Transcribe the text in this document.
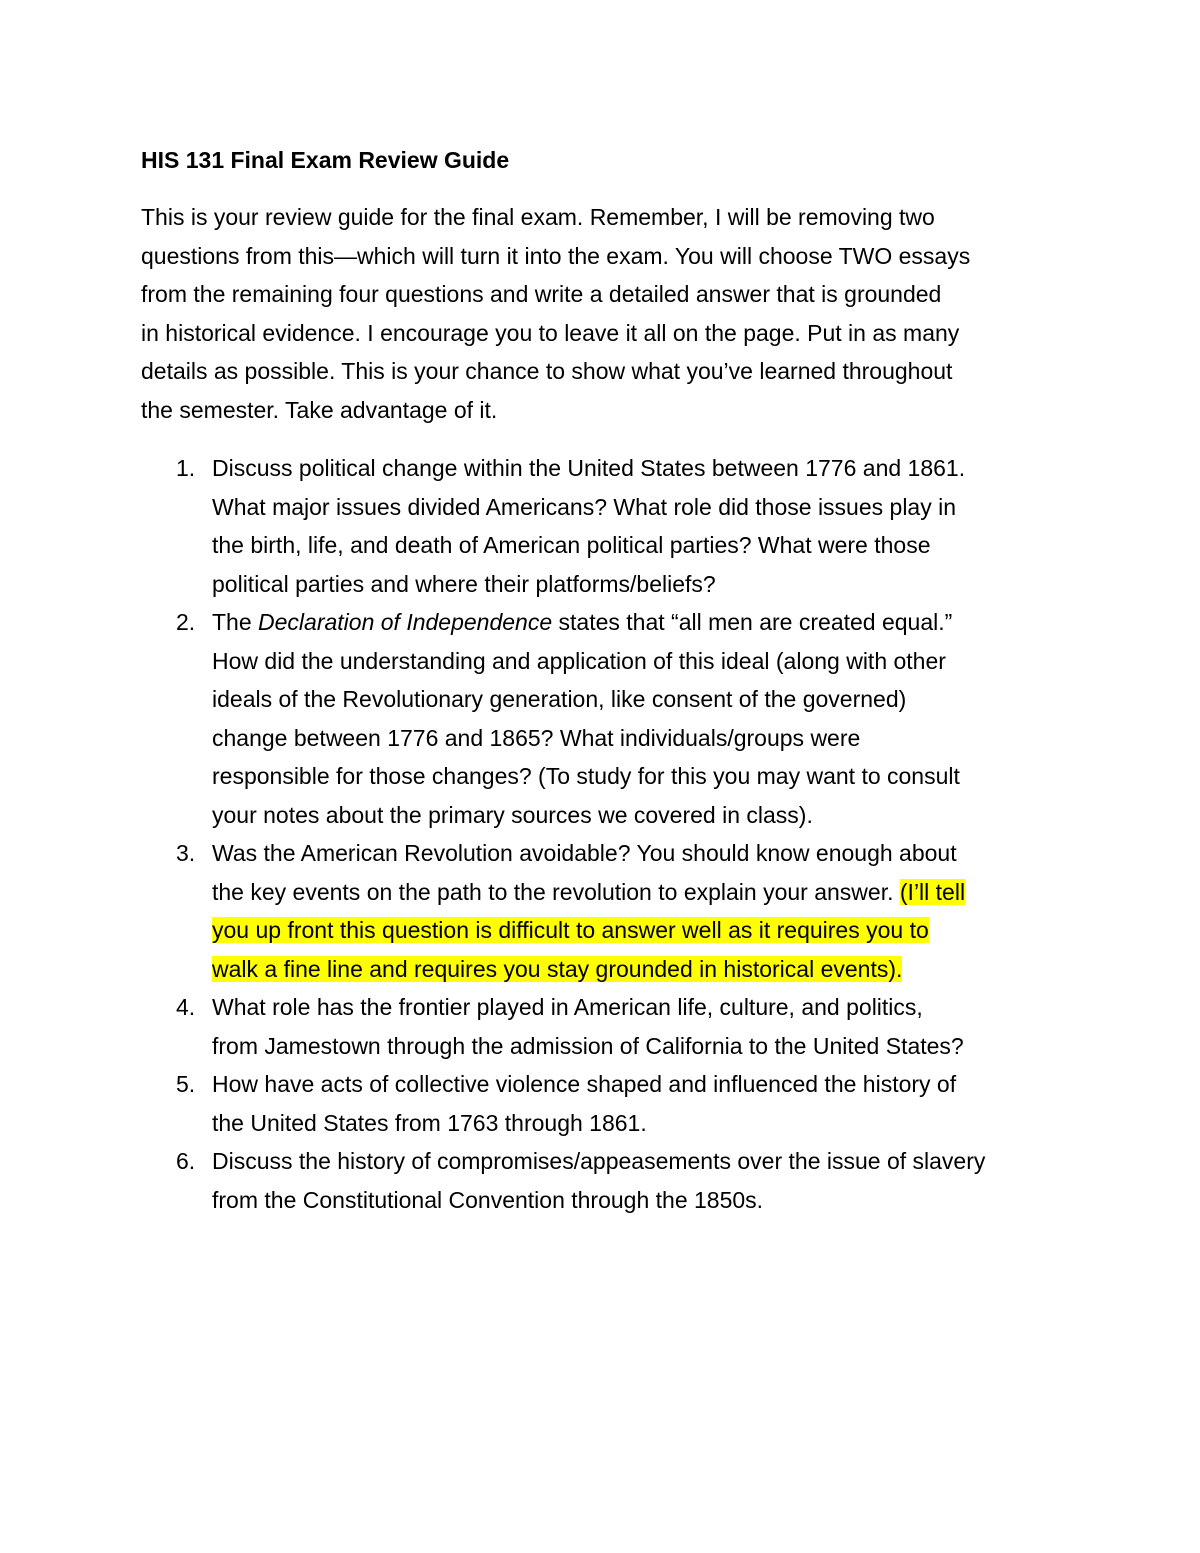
HIS 131 Final Exam Review Guide

This is your review guide for the final exam. Remember, I will be removing two
questions from this—which will turn it into the exam. You will choose TWO essays
from the remaining four questions and write a detailed answer that is grounded
in historical evidence. I encourage you to leave it all on the page. Put in as many
details as possible. This is your chance to show what you’ve learned throughout
the semester. Take advantage of it.

1. Discuss political change within the United States between 1776 and 1861.
What major issues divided Americans? What role did those issues play in
the birth, life, and death of American political parties? What were those
political parties and where their platforms/beliefs?
2. The Declaration of Independence states that “all men are created equal.”
How did the understanding and application of this ideal (along with other
ideals of the Revolutionary generation, like consent of the governed)
change between 1776 and 1865? What individuals/groups were
responsible for those changes? (To study for this you may want to consult
your notes about the primary sources we covered in class).
3. Was the American Revolution avoidable? You should know enough about
the key events on the path to the revolution to explain your answer. (I’ll tell
you up front this question is difficult to answer well as it requires you to
walk a fine line and requires you stay grounded in historical events).
4. What role has the frontier played in American life, culture, and politics,
from Jamestown through the admission of California to the United States?
5. How have acts of collective violence shaped and influenced the history of
the United States from 1763 through 1861.
6. Discuss the history of compromises/appeasements over the issue of slavery
from the Constitutional Convention through the 1850s.
